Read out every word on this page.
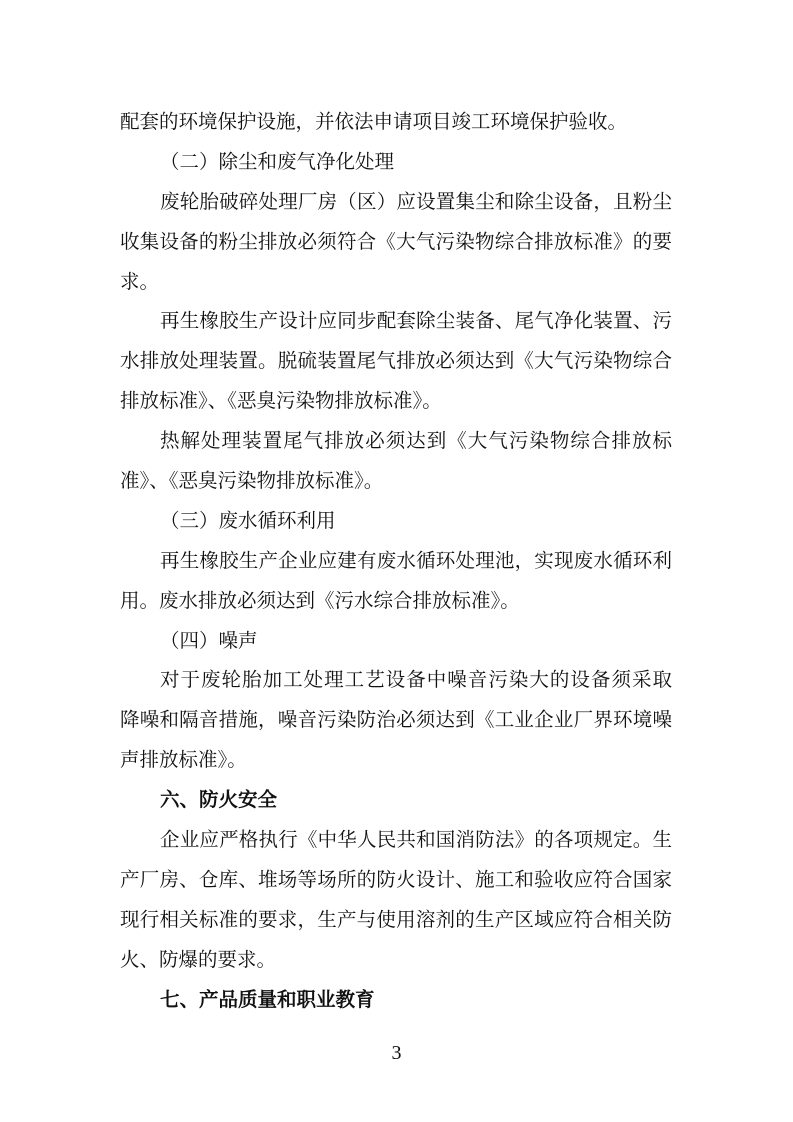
配套的环境保护设施，并依法申请项目竣工环境保护验收。
（二）除尘和废气净化处理
废轮胎破碎处理厂房（区）应设置集尘和除尘设备，且粉尘
收集设备的粉尘排放必须符合《大气污染物综合排放标准》的要
求。
再生橡胶生产设计应同步配套除尘装备、尾气净化装置、污
水排放处理装置。脱硫装置尾气排放必须达到《大气污染物综合
排放标准》、《恶臭污染物排放标准》。
热解处理装置尾气排放必须达到《大气污染物综合排放标
准》、《恶臭污染物排放标准》。
（三）废水循环利用
再生橡胶生产企业应建有废水循环处理池，实现废水循环利
用。废水排放必须达到《污水综合排放标准》。
（四）噪声
对于废轮胎加工处理工艺设备中噪音污染大的设备须采取
降噪和隔音措施，噪音污染防治必须达到《工业企业厂界环境噪
声排放标准》。
六、防火安全
企业应严格执行《中华人民共和国消防法》的各项规定。生
产厂房、仓库、堆场等场所的防火设计、施工和验收应符合国家
现行相关标准的要求，生产与使用溶剂的生产区域应符合相关防
火、防爆的要求。
七、产品质量和职业教育
3
